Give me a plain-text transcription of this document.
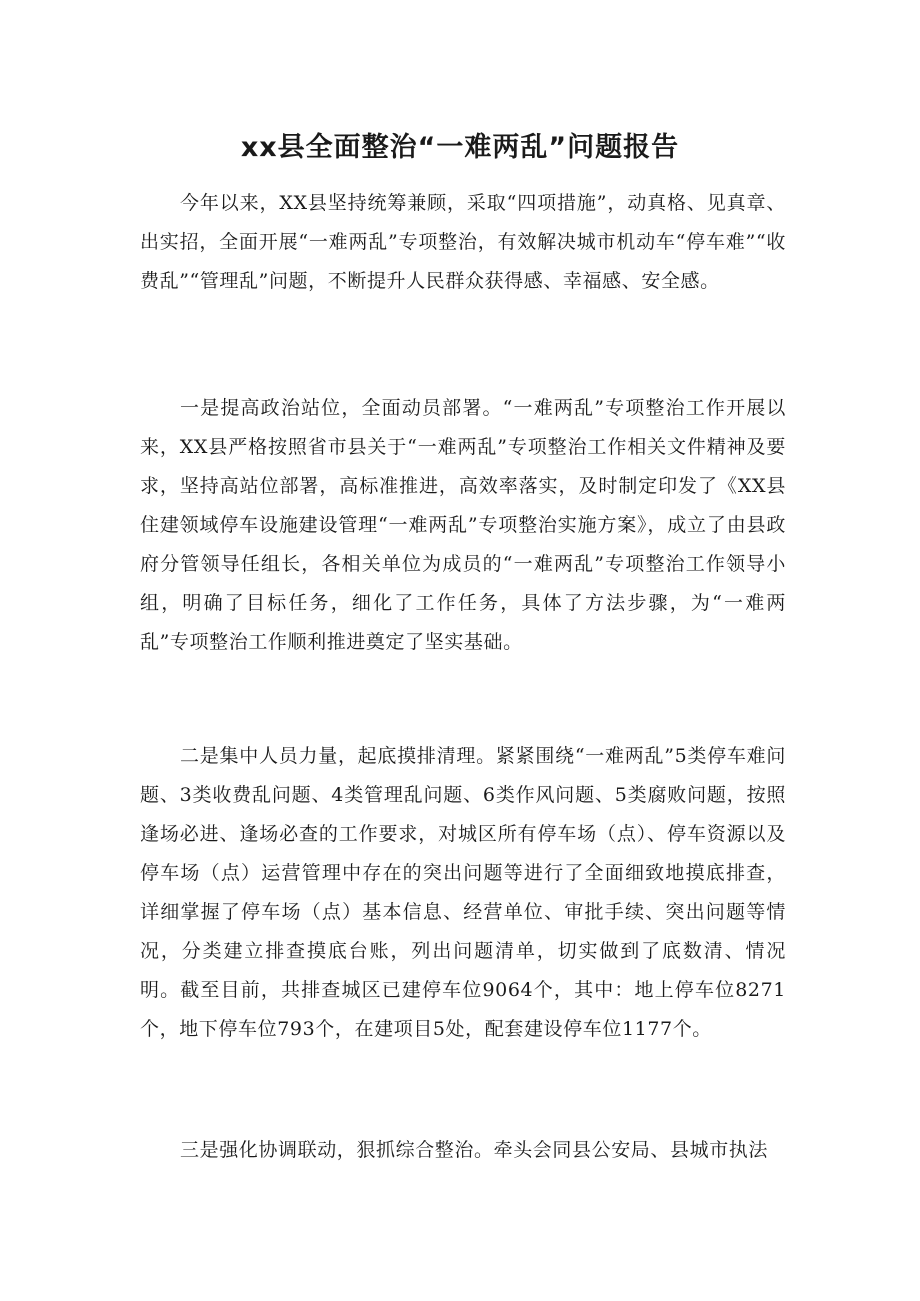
xx县全面整治“一难两乱”问题报告

今年以来，XX县坚持统筹兼顾，采取“四项措施”，动真格、见真章、出实招，全面开展“一难两乱”专项整治，有效解决城市机动车“停车难”“收费乱”“管理乱”问题，不断提升人民群众获得感、幸福感、安全感。

一是提高政治站位，全面动员部署。“一难两乱”专项整治工作开展以来，XX县严格按照省市县关于“一难两乱”专项整治工作相关文件精神及要求，坚持高站位部署，高标准推进，高效率落实，及时制定印发了《XX县住建领域停车设施建设管理“一难两乱”专项整治实施方案》，成立了由县政府分管领导任组长，各相关单位为成员的“一难两乱”专项整治工作领导小组，明确了目标任务，细化了工作任务，具体了方法步骤，为“一难两乱”专项整治工作顺利推进奠定了坚实基础。

二是集中人员力量，起底摸排清理。紧紧围绕“一难两乱”5类停车难问题、3类收费乱问题、4类管理乱问题、6类作风问题、5类腐败问题，按照逢场必进、逢场必查的工作要求，对城区所有停车场（点）、停车资源以及停车场（点）运营管理中存在的突出问题等进行了全面细致地摸底排查，详细掌握了停车场（点）基本信息、经营单位、审批手续、突出问题等情况，分类建立排查摸底台账，列出问题清单，切实做到了底数清、情况明。截至目前，共排查城区已建停车位9064个，其中：地上停车位8271个，地下停车位793个，在建项目5处，配套建设停车位1177个。

三是强化协调联动，狠抓综合整治。牵头会同县公安局、县城市执法
